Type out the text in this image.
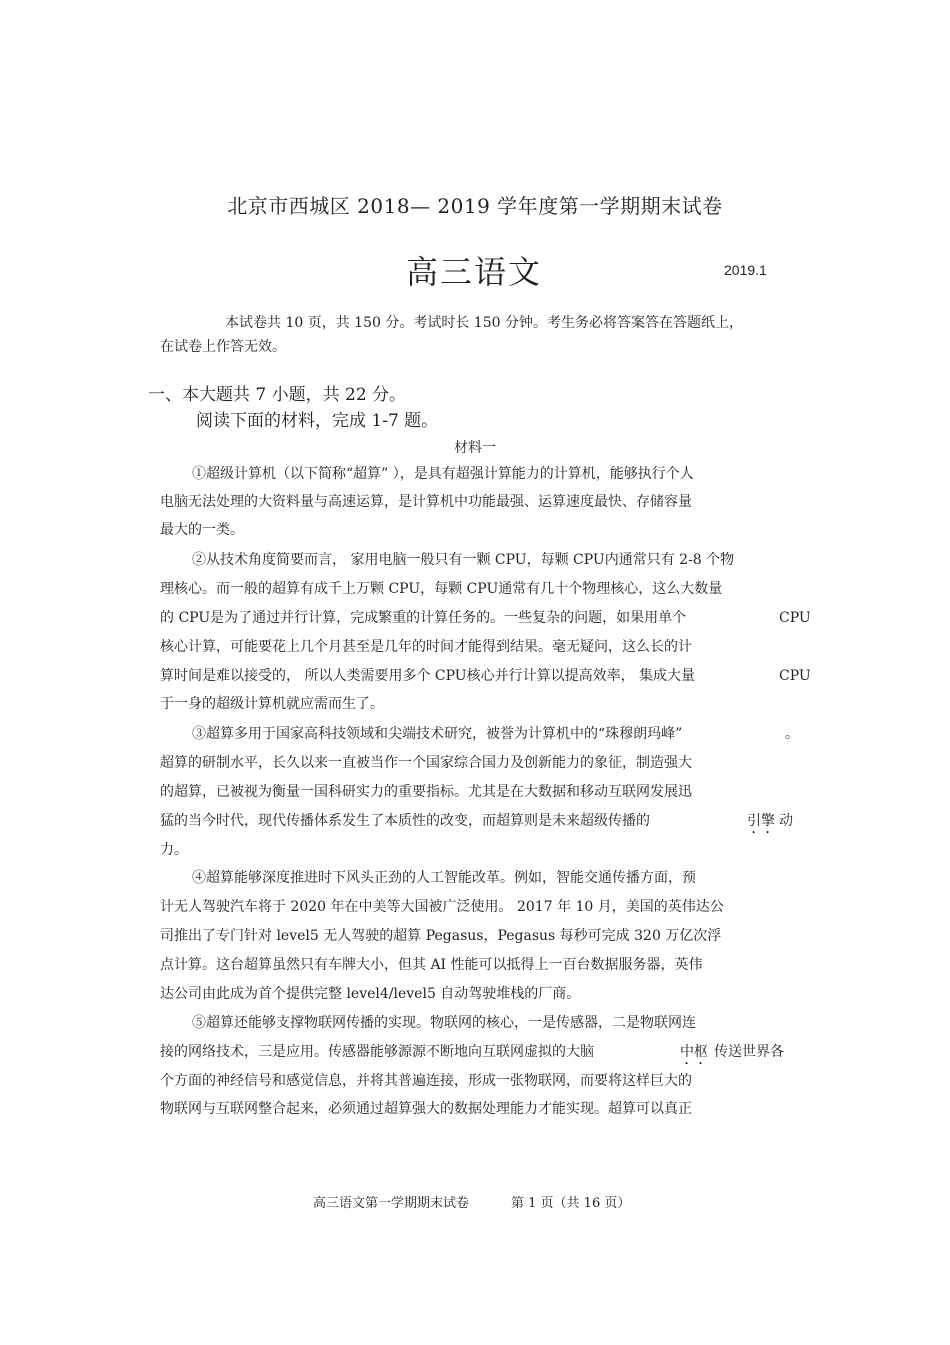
北京市西城区 2018— 2019 学年度第一学期期末试卷
高三语文	2019.1
本试卷共 10 页，共 150 分。考试时长 150 分钟。考生务必将答案答在答题纸上，
在试卷上作答无效。
一、本大题共 7 小题，共 22 分。
阅读下面的材料，完成 1-7 题。
材料一
①超级计算机（以下简称“超算” ），是具有超强计算能力的计算机，能够执行个人
电脑无法处理的大资料量与高速运算，是计算机中功能最强、运算速度最快、存储容量
最大的一类。
②从技术角度简要而言， 家用电脑一般只有一颗 CPU，每颗 CPU内通常只有 2-8 个物
理核心。而一般的超算有成千上万颗 CPU，每颗 CPU通常有几十个物理核心，这么大数量
的 CPU是为了通过并行计算，完成繁重的计算任务的。一些复杂的问题，如果用单个	CPU
核心计算，可能要花上几个月甚至是几年的时间才能得到结果。毫无疑问，这么长的计
算时间是难以接受的， 所以人类需要用多个 CPU核心并行计算以提高效率， 集成大量	CPU
于一身的超级计算机就应需而生了。
③超算多用于国家高科技领域和尖端技术研究，被誉为计算机中的“珠穆朗玛峰”	。
超算的研制水平，长久以来一直被当作一个国家综合国力及创新能力的象征，制造强大
的超算，已被视为衡量一国科研实力的重要指标。尤其是在大数据和移动互联网发展迅
猛的当今时代，现代传播体系发生了本质性的改变，而超算则是未来超级传播的	引擎 动
力。
④超算能够深度推进时下风头正劲的人工智能改革。例如，智能交通传播方面，预
计无人驾驶汽车将于 2020 年在中美等大国被广泛使用。 2017 年 10 月，美国的英伟达公
司推出了专门针对 level5 无人驾驶的超算 Pegasus，Pegasus 每秒可完成 320 万亿次浮
点计算。这台超算虽然只有车牌大小，但其 AI 性能可以抵得上一百台数据服务器，英伟
达公司由此成为首个提供完整 level4/level5 自动驾驶堆栈的厂商。
⑤超算还能够支撑物联网传播的实现。物联网的核心，一是传感器，二是物联网连
接的网络技术，三是应用。传感器能够源源不断地向互联网虚拟的大脑	中枢 传送世界各
个方面的神经信号和感觉信息，并将其普遍连接，形成一张物联网，而要将这样巨大的
物联网与互联网整合起来，必须通过超算强大的数据处理能力才能实现。超算可以真正
高三语文第一学期期末试卷	第 1 页（共 16 页）
